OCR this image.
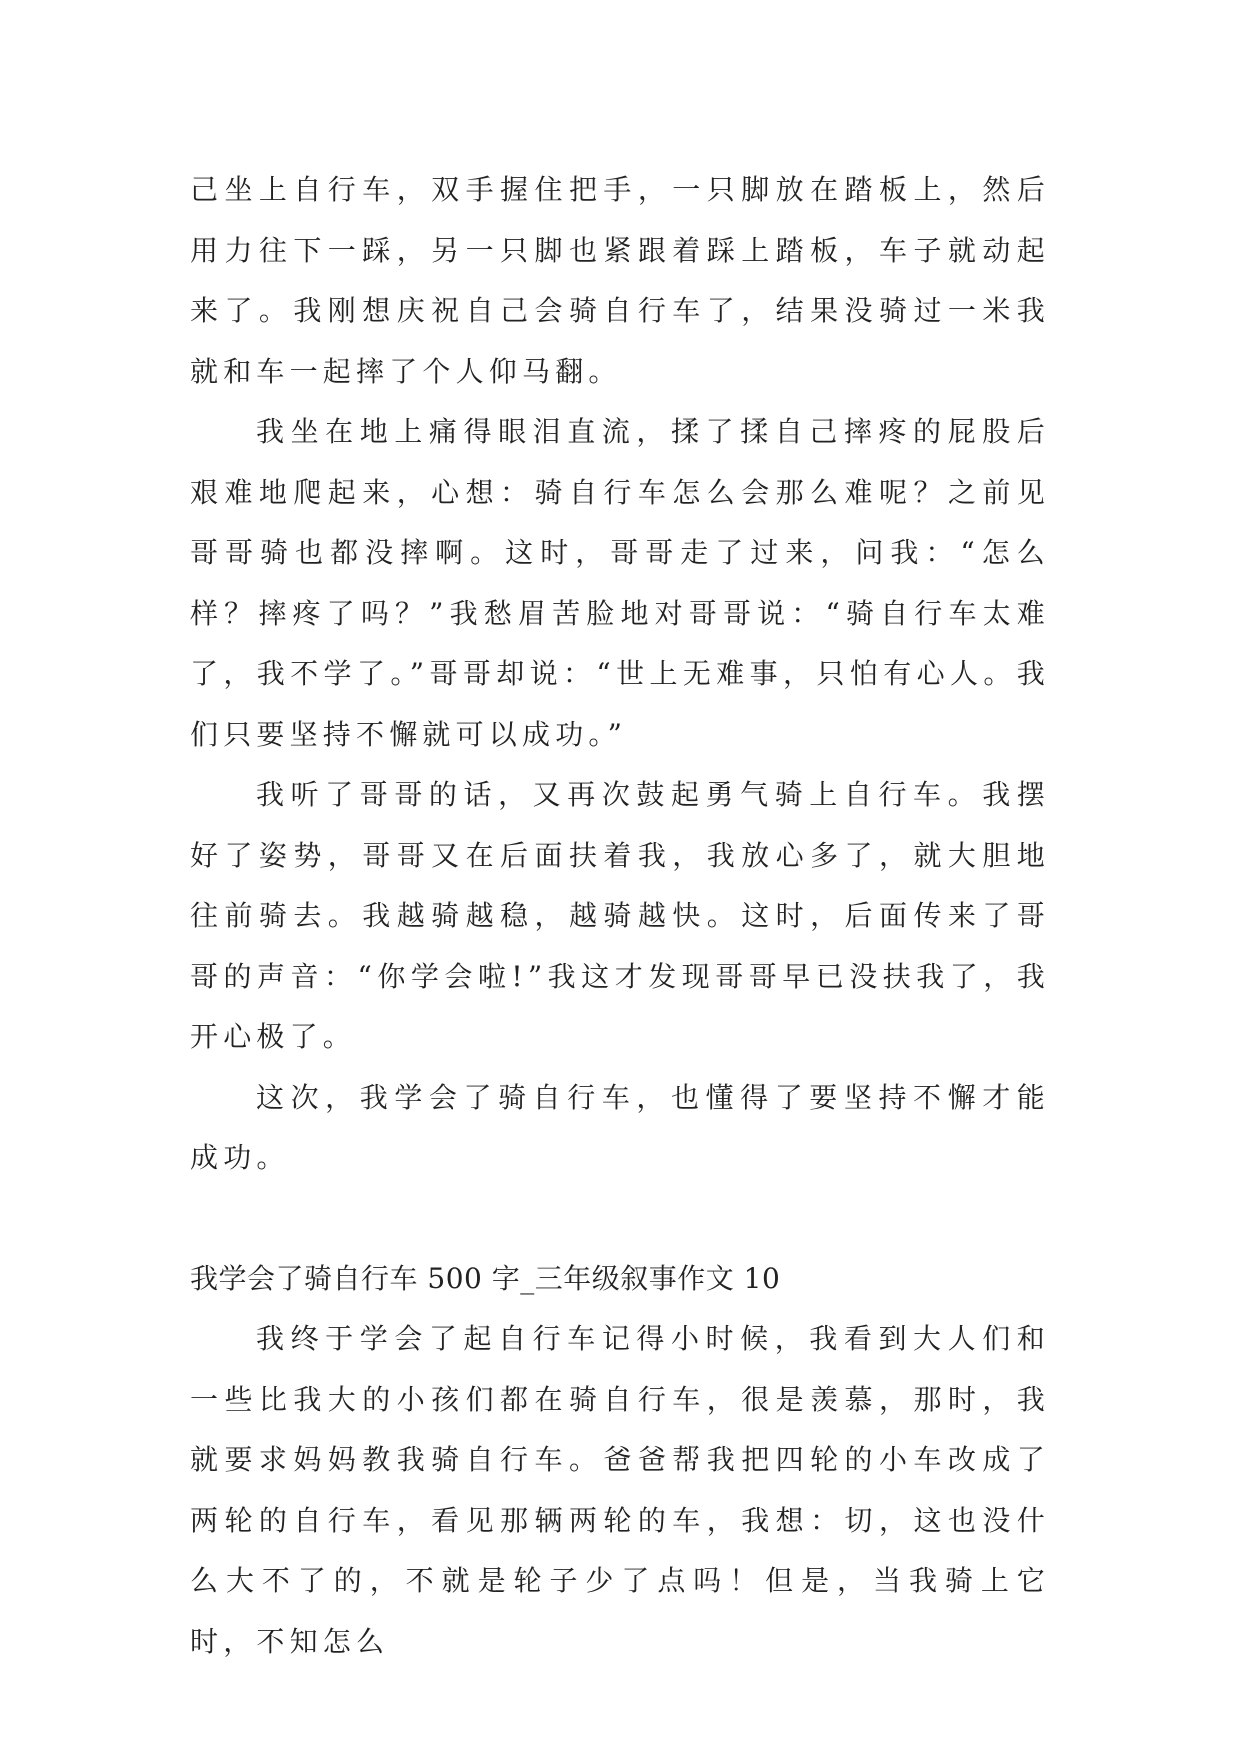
己坐上自行车，双手握住把手，一只脚放在踏板上，然后用力往下一踩，另一只脚也紧跟着踩上踏板，车子就动起来了。我刚想庆祝自己会骑自行车了，结果没骑过一米我就和车一起摔了个人仰马翻。

我坐在地上痛得眼泪直流，揉了揉自己摔疼的屁股后艰难地爬起来，心想：骑自行车怎么会那么难呢？之前见哥哥骑也都没摔啊。这时，哥哥走了过来，问我：“怎么样？摔疼了吗？”我愁眉苦脸地对哥哥说：“骑自行车太难了，我不学了。”哥哥却说：“世上无难事，只怕有心人。我们只要坚持不懈就可以成功。”

我听了哥哥的话，又再次鼓起勇气骑上自行车。我摆好了姿势，哥哥又在后面扶着我，我放心多了，就大胆地往前骑去。我越骑越稳，越骑越快。这时，后面传来了哥哥的声音：“你学会啦!”我这才发现哥哥早已没扶我了，我开心极了。

这次，我学会了骑自行车，也懂得了要坚持不懈才能成功。

我学会了骑自行车 500 字_三年级叙事作文 10

我终于学会了起自行车记得小时候，我看到大人们和一些比我大的小孩们都在骑自行车，很是羡慕，那时，我就要求妈妈教我骑自行车。爸爸帮我把四轮的小车改成了两轮的自行车，看见那辆两轮的车，我想：切，这也没什么大不了的，不就是轮子少了点吗！但是，当我骑上它时，不知怎么
